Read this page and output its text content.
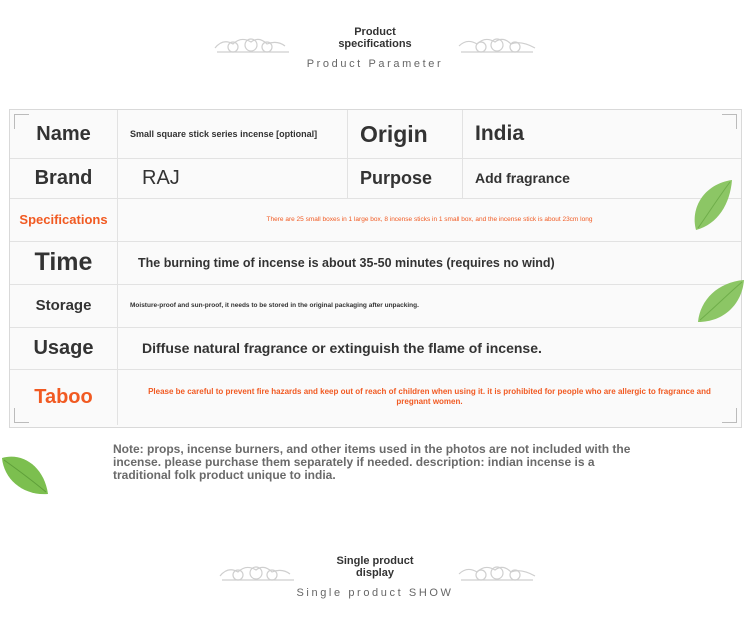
Product
specifications
Product Parameter
Name	Small square stick series incense [optional]	Origin	India
Brand	RAJ	Purpose	Add fragrance
Specifications	There are 25 small boxes in 1 large box, 8 incense sticks in 1 small box, and the incense stick is about 23cm long
Time	The burning time of incense is about 35-50 minutes (requires no wind)
Storage	Moisture-proof and sun-proof, it needs to be stored in the original packaging after unpacking.
Usage	Diffuse natural fragrance or extinguish the flame of incense.
Taboo	Please be careful to prevent fire hazards and keep out of reach of children when using it. it is prohibited for people who are allergic to fragrance and pregnant women.
Note: props, incense burners, and other items used in the photos are not included with the incense. please purchase them separately if needed. description: indian incense is a traditional folk product unique to india.
Single product
display
Single product SHOW
